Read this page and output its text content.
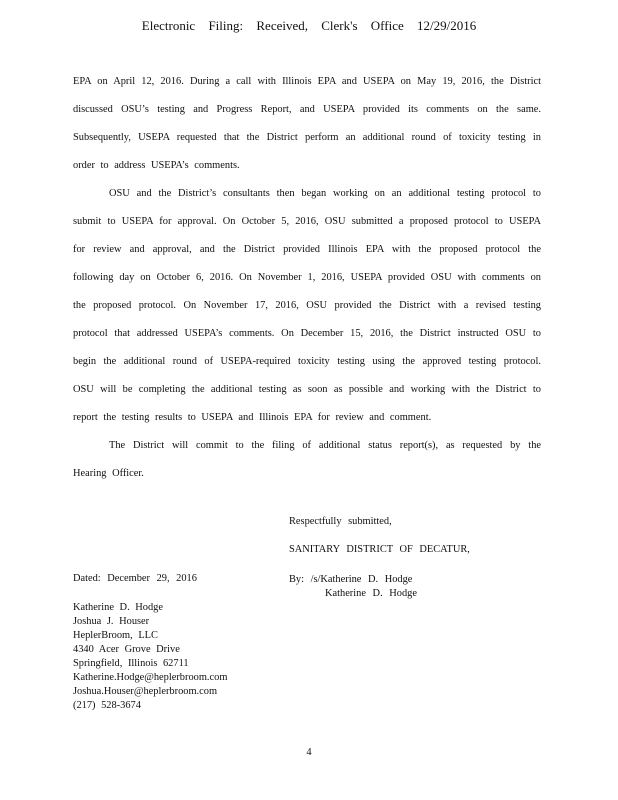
Electronic Filing: Received, Clerk's Office 12/29/2016

EPA on April 12, 2016. During a call with Illinois EPA and USEPA on May 19, 2016, the District discussed OSU’s testing and Progress Report, and USEPA provided its comments on the same. Subsequently, USEPA requested that the District perform an additional round of toxicity testing in order to address USEPA’s comments.

OSU and the District’s consultants then began working on an additional testing protocol to submit to USEPA for approval. On October 5, 2016, OSU submitted a proposed protocol to USEPA for review and approval, and the District provided Illinois EPA with the proposed protocol the following day on October 6, 2016. On November 1, 2016, USEPA provided OSU with comments on the proposed protocol. On November 17, 2016, OSU provided the District with a revised testing protocol that addressed USEPA’s comments. On December 15, 2016, the District instructed OSU to begin the additional round of USEPA-required toxicity testing using the approved testing protocol. OSU will be completing the additional testing as soon as possible and working with the District to report the testing results to USEPA and Illinois EPA for review and comment.

The District will commit to the filing of additional status report(s), as requested by the Hearing Officer.

Respectfully submitted,
SANITARY DISTRICT OF DECATUR,
Dated: December 29, 2016	By: /s/Katherine D. Hodge
Katherine D. Hodge
Katherine D. Hodge
Joshua J. Houser
HeplerBroom, LLC
4340 Acer Grove Drive
Springfield, Illinois 62711
Katherine.Hodge@heplerbroom.com
Joshua.Houser@heplerbroom.com
(217) 528-3674
4
